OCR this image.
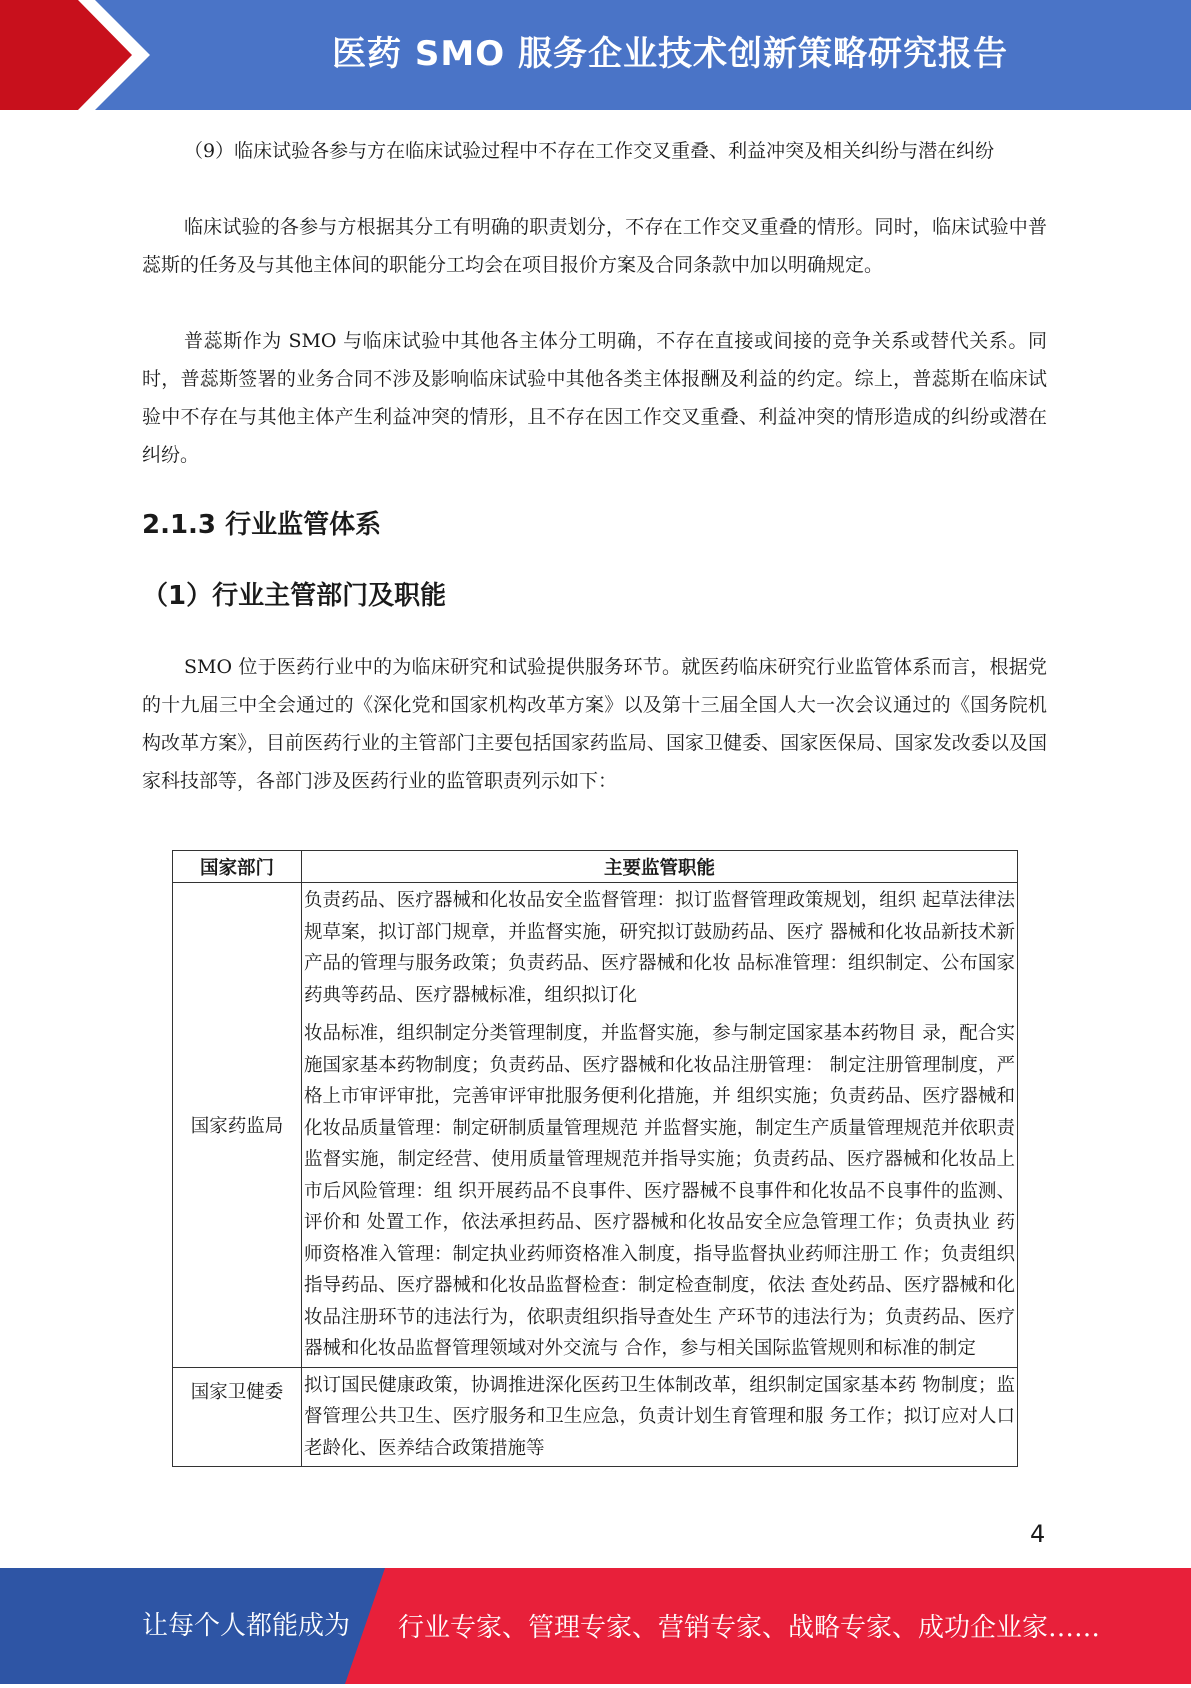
医药 SMO 服务企业技术创新策略研究报告

（9）临床试验各参与方在临床试验过程中不存在工作交叉重叠、利益冲突及相关纠纷与潜在纠纷

临床试验的各参与方根据其分工有明确的职责划分，不存在工作交叉重叠的情形。同时，临床试验中普蕊斯的任务及与其他主体间的职能分工均会在项目报价方案及合同条款中加以明确规定。

普蕊斯作为 SMO 与临床试验中其他各主体分工明确，不存在直接或间接的竞争关系或替代关系。同时，普蕊斯签署的业务合同不涉及影响临床试验中其他各类主体报酬及利益的约定。综上，普蕊斯在临床试验中不存在与其他主体产生利益冲突的情形，且不存在因工作交叉重叠、利益冲突的情形造成的纠纷或潜在纠纷。

2.1.3 行业监管体系
（1）行业主管部门及职能

SMO 位于医药行业中的为临床研究和试验提供服务环节。就医药临床研究行业监管体系而言，根据党的十九届三中全会通过的《深化党和国家机构改革方案》以及第十三届全国人大一次会议通过的《国务院机构改革方案》，目前医药行业的主管部门主要包括国家药监局、国家卫健委、国家医保局、国家发改委以及国家科技部等，各部门涉及医药行业的监管职责列示如下：

国家部门	主要监管职能
国家药监局	负责药品、医疗器械和化妆品安全监督管理：拟订监督管理政策规划，组织 起草法律法规草案，拟订部门规章，并监督实施，研究拟订鼓励药品、医疗 器械和化妆品新技术新产品的管理与服务政策；负责药品、医疗器械和化妆 品标准管理：组织制定、公布国家药典等药品、医疗器械标准，组织拟订化

妆品标准，组织制定分类管理制度，并监督实施，参与制定国家基本药物目 录，配合实施国家基本药物制度；负责药品、医疗器械和化妆品注册管理： 制定注册管理制度，严格上市审评审批，完善审评审批服务便利化措施，并 组织实施；负责药品、医疗器械和化妆品质量管理：制定研制质量管理规范 并监督实施，制定生产质量管理规范并依职责监督实施，制定经营、使用质量管理规范并指导实施；负责药品、医疗器械和化妆品上市后风险管理：组 织开展药品不良事件、医疗器械不良事件和化妆品不良事件的监测、评价和 处置工作，依法承担药品、医疗器械和化妆品安全应急管理工作；负责执业 药师资格准入管理：制定执业药师资格准入制度，指导监督执业药师注册工 作；负责组织指导药品、医疗器械和化妆品监督检查：制定检查制度，依法 查处药品、医疗器械和化妆品注册环节的违法行为，依职责组织指导查处生 产环节的违法行为；负责药品、医疗器械和化妆品监督管理领域对外交流与 合作，参与相关国际监管规则和标准的制定

国家卫健委	拟订国民健康政策，协调推进深化医药卫生体制改革，组织制定国家基本药 物制度；监督管理公共卫生、医疗服务和卫生应急，负责计划生育管理和服 务工作；拟订应对人口老龄化、医养结合政策措施等

4
让每个人都能成为 行业专家、管理专家、营销专家、战略专家、成功企业家……
